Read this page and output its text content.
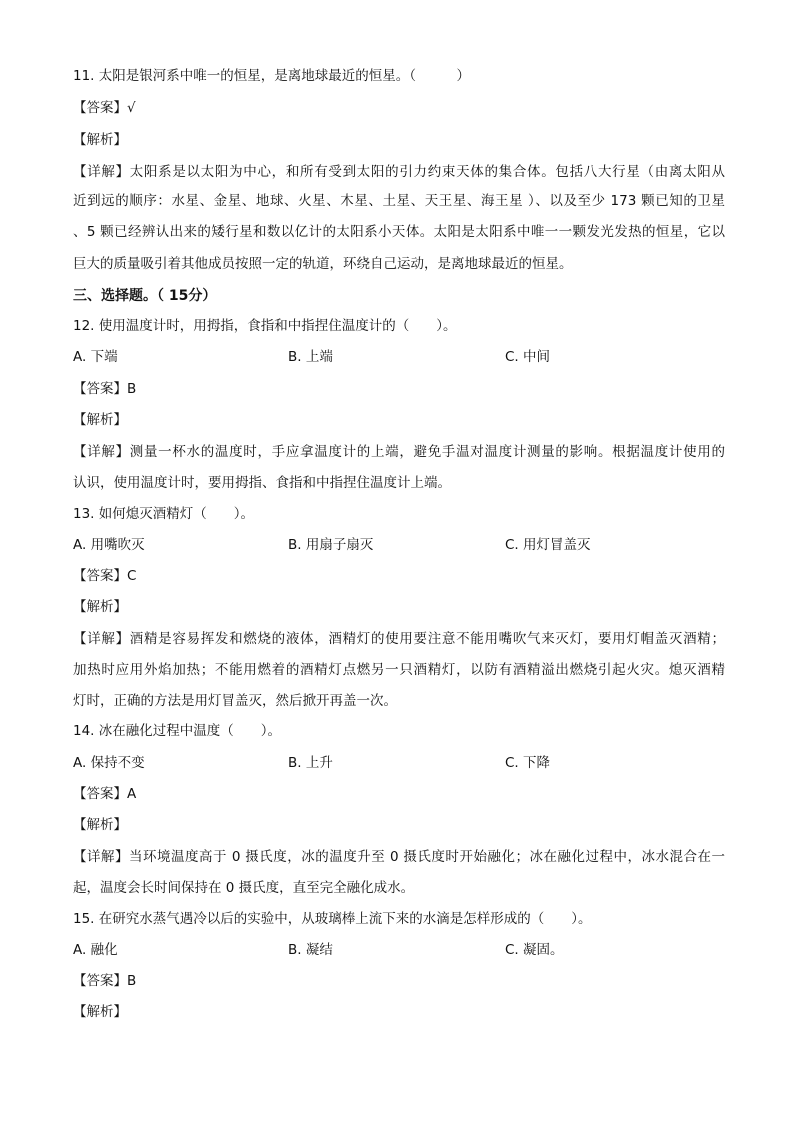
11. 太阳是银河系中唯一的恒星，是离地球最近的恒星。（　　　）
【答案】√
【解析】
【详解】太阳系是以太阳为中心，和所有受到太阳的引力约束天体的集合体。包括八大行星（由离太阳从
近到远的顺序：水星、金星、地球、火星、木星、土星、天王星、海王星 ）、以及至少 173 颗已知的卫星
、5 颗已经辨认出来的矮行星和数以亿计的太阳系小天体。太阳是太阳系中唯一一颗发光发热的恒星，它以
巨大的质量吸引着其他成员按照一定的轨道，环绕自己运动，是离地球最近的恒星。
三、选择题。（ 15分）
12. 使用温度计时，用拇指，食指和中指捏住温度计的（　　）。
A. 下端	B. 上端	C. 中间
【答案】B
【解析】
【详解】测量一杯水的温度时，手应拿温度计的上端，避免手温对温度计测量的影响。根据温度计使用的
认识，使用温度计时，要用拇指、食指和中指捏住温度计上端。
13. 如何熄灭酒精灯（　　）。
A. 用嘴吹灭	B. 用扇子扇灭	C. 用灯冒盖灭
【答案】C
【解析】
【详解】酒精是容易挥发和燃烧的液体，酒精灯的使用要注意不能用嘴吹气来灭灯，要用灯帽盖灭酒精；
加热时应用外焰加热；不能用燃着的酒精灯点燃另一只酒精灯，以防有酒精溢出燃烧引起火灾。熄灭酒精
灯时，正确的方法是用灯冒盖灭，然后掀开再盖一次。
14. 冰在融化过程中温度（　　）。
A. 保持不变	B. 上升	C. 下降
【答案】A
【解析】
【详解】当环境温度高于 0 摄氏度，冰的温度升至 0 摄氏度时开始融化；冰在融化过程中，冰水混合在一
起，温度会长时间保持在 0 摄氏度，直至完全融化成水。
15. 在研究水蒸气遇冷以后的实验中，从玻璃棒上流下来的水滴是怎样形成的（　　）。
A. 融化	B. 凝结	C. 凝固。
【答案】B
【解析】
